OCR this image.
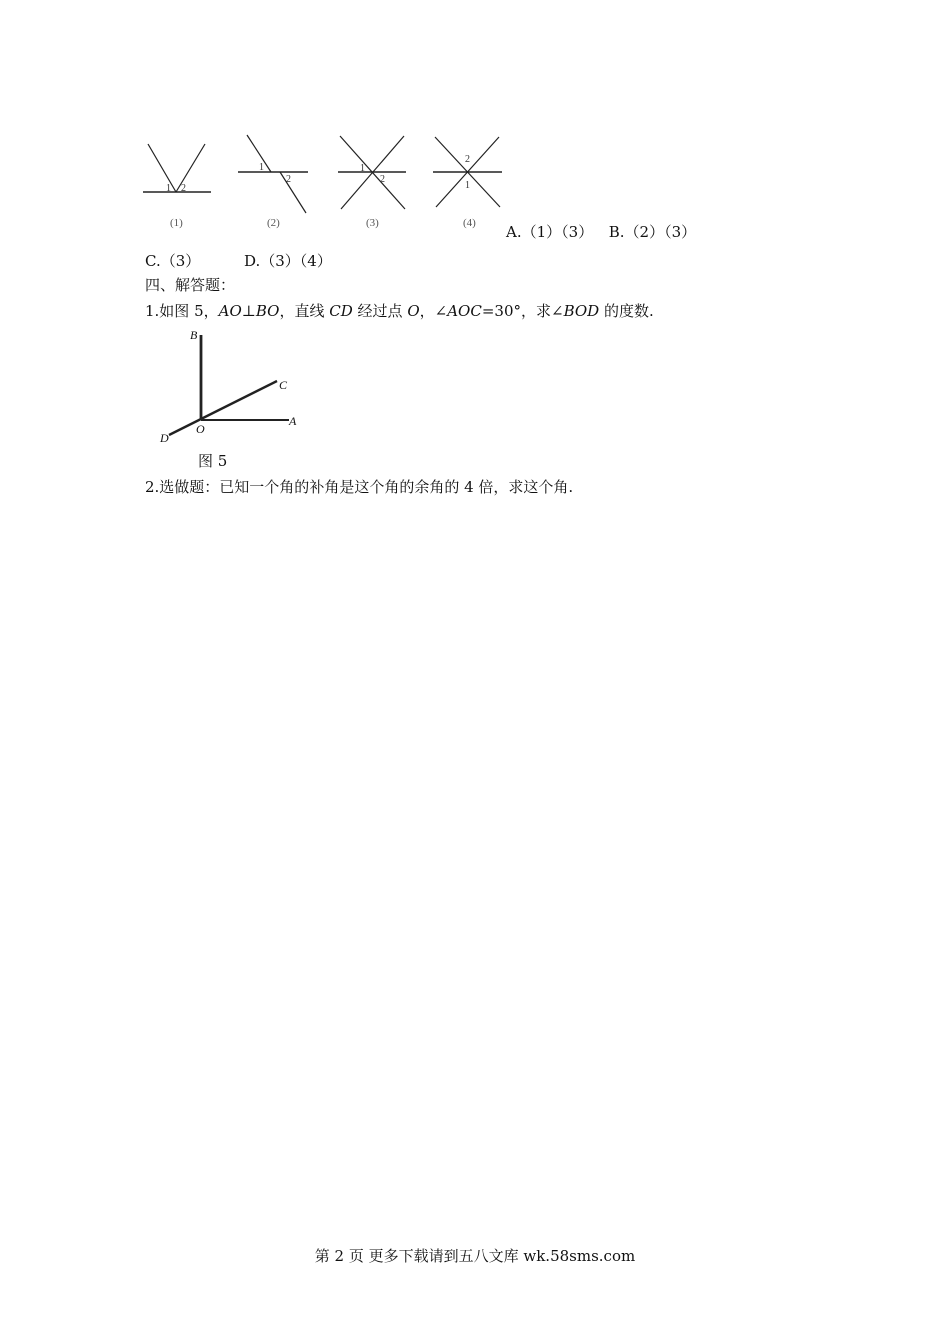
1 2
(1)
1
2
(2)
1
2
(3)
2
1
(4) A.（1）（3） B.（2）（3）
C.（3）	D.（3）（4）
四、解答题：
1.如图 5，AO⊥BO，直线 CD 经过点 O，∠AOC=30°，求∠BOD 的度数.
B
C
A
O
D
图 5
2.选做题：已知一个角的补角是这个角的余角的 4 倍，求这个角.
第 2 页 更多下载请到五八文库 wk.58sms.com
